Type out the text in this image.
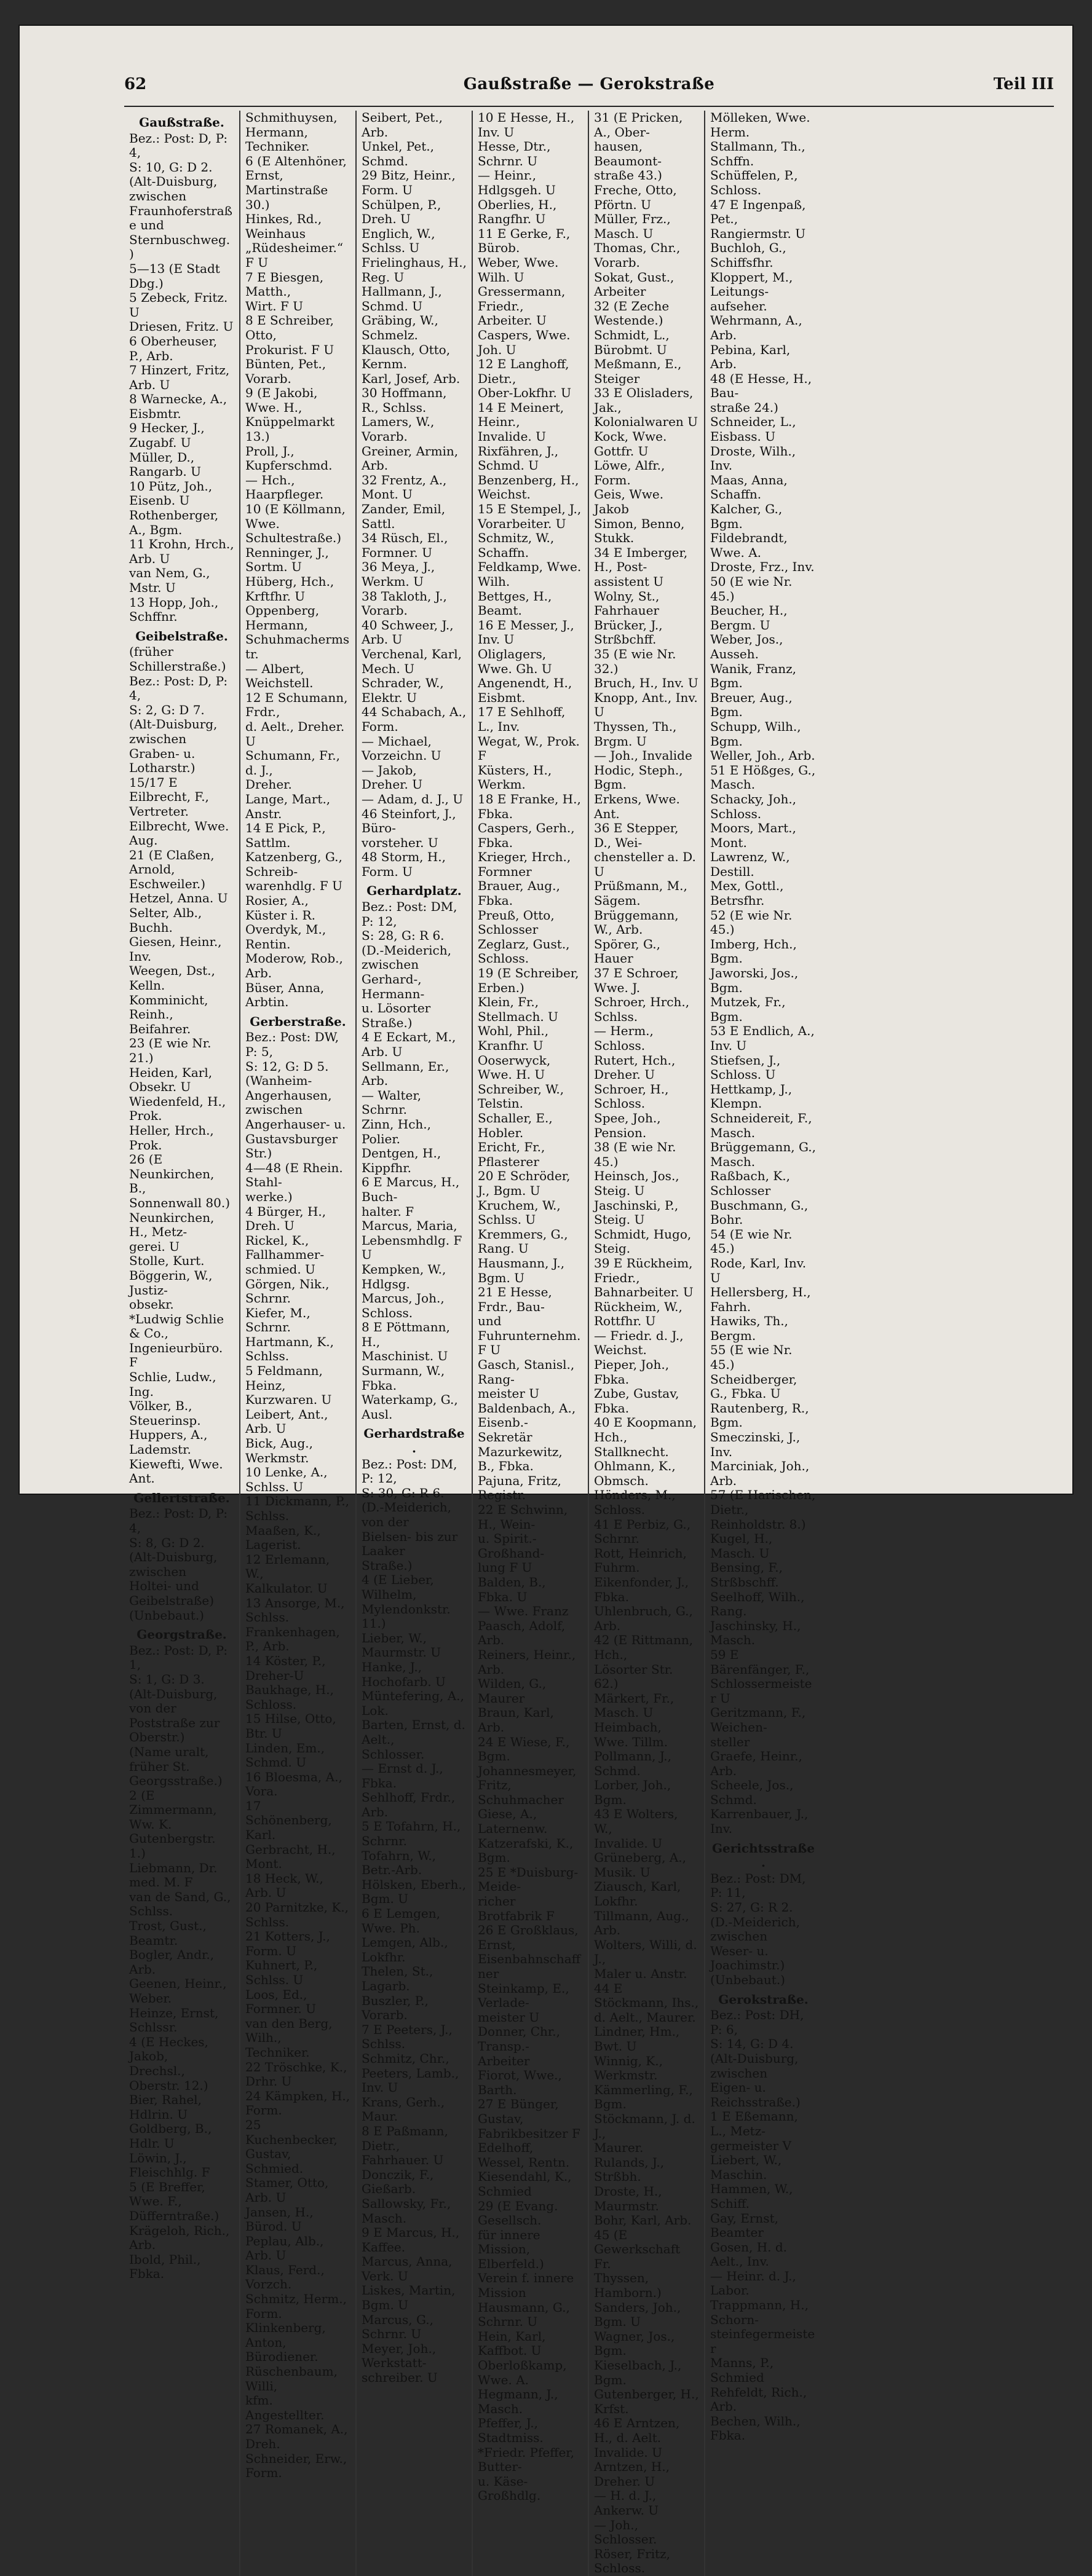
62	Gaußstraße — Gerokstraße	Teil III
Gaußstraße.
Bez.: Post: D, P: 4,
S: 10, G: D 2.
(Alt-Duisburg, zwischen
Fraunhoferstraße und
Sternbuschweg.)
5—13 (E Stadt Dbg.)
5 Zebeck, Fritz. U
Driesen, Fritz. U
6 Oberheuser, P., Arb.
7 Hinzert, Fritz, Arb. U
8 Warnecke, A., Eisbmtr.
9 Hecker, J., Zugabf. U
Müller, D., Rangarb. U
10 Pütz, Joh., Eisenb. U
Rothenberger, A., Bgm.
11 Krohn, Hrch., Arb. U
van Nem, G., Mstr. U
13 Hopp, Joh., Schffnr.
Geibelstraße.
(früher Schillerstraße.)
Bez.: Post: D, P: 4,
S: 2, G: D 7.
(Alt-Duisburg, zwischen
Graben- u. Lotharstr.)
15/17 E Eilbrecht, F.,
Vertreter.
Eilbrecht, Wwe. Aug.
21 (E Claßen, Arnold,
Eschweiler.)
Hetzel, Anna. U
Selter, Alb., Buchh.
Giesen, Heinr., Inv.
Weegen, Dst., Kelln.
Komminicht, Reinh.,
Beifahrer.
23 (E wie Nr. 21.)
Heiden, Karl, Obsekr. U
Wiedenfeld, H., Prok.
Heller, Hrch., Prok.
26 (E Neunkirchen, B.,
Sonnenwall 80.)
Neunkirchen, H., Metz-
gerei. U
Stolle, Kurt.
Böggerin, W., Justiz-
obsekr.
*Ludwig Schlie & Co.,
Ingenieurbüro. F
Schlie, Ludw., Ing.
Völker, B., Steuerinsp.
Huppers, A., Lademstr.
Kiewefti, Wwe. Ant.
Gellertstraße.
Bez.: Post: D, P: 4,
S: 8, G: D 2.
(Alt-Duisburg, zwischen
Holtei- und Geibelstraße)
(Unbebaut.)
Georgstraße.
Bez.: Post: D, P: 1,
S: 1, G: D 3.
(Alt-Duisburg, von der
Poststraße zur Oberstr.)
(Name uralt, früher St.
Georgsstraße.)
2 (E Zimmermann, Ww. K.
Gutenbergstr. 1.)
Liebmann, Dr. med. M. F
van de Sand, G., Schlss.
Trost, Gust., Beamtr.
Bogler, Andr., Arb.
Geenen, Heinr., Weber.
Heinze, Ernst, Schlssr.
4 (E Heckes, Jakob,
Drechsl., Oberstr. 12.)
Bier, Rahel, Hdlrin. U
Goldberg, B., Hdlr. U
Löwin, J., Fleischhlg. F
5 (E Breffer, Wwe. F.,
Düfferntraße.)
Krägeloh, Rich., Arb.
Ibold, Phil., Fbka.
Schmithuysen, Hermann,
Techniker.
6 (E Altenhöner, Ernst,
Martinstraße 30.)
Hinkes, Rd., Weinhaus
„Rüdesheimer.“ F U
7 E Biesgen, Matth.,
Wirt. F U
8 E Schreiber, Otto,
Prokurist. F U
Bünten, Pet., Vorarb.
9 (E Jakobi, Wwe. H.,
Knüppelmarkt 13.)
Proll, J., Kupferschmd.
— Hch., Haarpfleger.
10 (E Köllmann, Wwe.
Schultestraße.)
Renninger, J., Sortm. U
Hüberg, Hch., Krftfhr. U
Oppenberg, Hermann,
Schuhmachermstr.
— Albert, Weichstell.
12 E Schumann, Frdr.,
d. Aelt., Dreher. U
Schumann, Fr., d. J.,
Dreher.
Lange, Mart., Anstr.
14 E Pick, P., Sattlm.
Katzenberg, G., Schreib-
warenhdlg. F U
Rosier, A., Küster i. R.
Overdyk, M., Rentin.
Moderow, Rob., Arb.
Büser, Anna, Arbtin.
Gerberstraße.
Bez.: Post: DW, P: 5,
S: 12, G: D 5.
(Wanheim-Angerhausen,
zwischen Angerhauser- u.
Gustavsburger Str.)
4—48 (E Rhein. Stahl-
werke.)
4 Bürger, H., Dreh. U
Rickel, K., Fallhammer-
schmied. U
Görgen, Nik., Schrnr.
Kiefer, M., Schrnr.
Hartmann, K., Schlss.
5 Feldmann, Heinz,
Kurzwaren. U
Leibert, Ant., Arb. U
Bick, Aug., Werkmstr.
10 Lenke, A., Schlss. U
11 Dickmann, P., Schlss.
Maaßen, K., Lagerist.
12 Erlemann, W.,
Kalkulator. U
13 Ansorge, M., Schlss.
Frankenhagen, P., Arb.
14 Köster, P., Dreher-U
Baukhage, H., Schloss.
15 Hilse, Otto, Btr. U
Linden, Em., Schmd. U
16 Bloesma, A., Vora.
17 Schönenberg, Karl.
Gerbracht, H., Mont.
18 Heck, W., Arb. U
20 Parnitzke, K., Schlss.
21 Kotters, J., Form. U
Kuhnert, P., Schlss. U
Loos, Ed., Formner. U
van den Berg, Wilh.,
Techniker.
22 Tröschke, K., Drhr. U
24 Kämpken, H., Form.
25 Kuchenbecker, Gustav,
Schmied.
Stamer, Otto, Arb. U
Jansen, H., Bürod. U
Peplau, Alb., Arb. U
Klaus, Ferd., Vorzch.
Schmitz, Herm., Form.
Klinkenberg, Anton,
Bürodiener.
Rüschenbaum, Willi,
kfm. Angestellter.
27 Romanek, A., Dreh.
Schneider, Erw., Form.
Seibert, Pet., Arb.
Unkel, Pet., Schmd.
29 Bitz, Heinr., Form. U
Schülpen, P., Dreh. U
Englich, W., Schlss. U
Frielinghaus, H., Reg. U
Hallmann, J., Schmd. U
Gräbing, W., Schmelz.
Klausch, Otto, Kernm.
Karl, Josef, Arb.
30 Hoffmann, R., Schlss.
Lamers, W., Vorarb.
Greiner, Armin, Arb.
32 Frentz, A., Mont. U
Zander, Emil, Sattl.
34 Rüsch, El., Formner. U
36 Meya, J., Werkm. U
38 Takloth, J., Vorarb.
40 Schweer, J., Arb. U
Verchenal, Karl, Mech. U
Schrader, W., Elektr. U
44 Schabach, A., Form.
— Michael, Vorzeichn. U
— Jakob, Dreher. U
— Adam, d. J., U
46 Steinfort, J., Büro-
vorsteher. U
48 Storm, H., Form. U
Gerhardplatz.
Bez.: Post: DM, P: 12,
S: 28, G: R 6.
(D.-Meiderich, zwischen
Gerhard-, Hermann-
u. Lösorter Straße.)
4 E Eckart, M., Arb. U
Sellmann, Er., Arb.
— Walter, Schrnr.
Zinn, Hch., Polier.
Dentgen, H., Kippfhr.
6 E Marcus, H., Buch-
halter. F
Marcus, Maria,
Lebensmhdlg. F U
Kempken, W., Hdlgsg.
Marcus, Joh., Schloss.
8 E Pöttmann, H.,
Maschinist. U
Surmann, W., Fbka.
Waterkamp, G., Ausl.
Gerhardstraße.
Bez.: Post: DM, P: 12,
S: 30, G: R 6.
(D.-Meiderich, von der
Bielsen- bis zur Laaker
Straße.)
4 (E Lieber, Wilhelm,
Mylendonkstr. 11.)
Lieber, W., Maurmstr. U
Hanke, J., Hochofarb. U
Müntefering, A., Lok.
Barten, Ernst, d. Aelt.,
Schlosser.
— Ernst d. J., Fbka.
Sehlhoff, Frdr., Arb.
5 E Tofahrn, H., Schrnr.
Tofahrn, W., Betr.-Arb.
Hölsken, Eberh., Bgm. U
6 E Lemgen, Wwe. Ph.
Lemgen, Alb., Lokfhr.
Thelen, St., Lagarb.
Buszler, P., Vorarb.
7 E Peeters, J., Schlss.
Schmitz, Chr.,
Peeters, Lamb., Inv. U
Krans, Gerh., Maur.
8 E Paßmann, Dietr.,
Fahrhauer. U
Donczik, F., Gießarb.
Sallowsky, Fr., Masch.
9 E Marcus, H., Kaffee.
Marcus, Anna, Verk. U
Liskes, Martin, Bgm. U
Marcus, G., Schrnr. U
Meyer, Joh., Werkstatt-
schreiber. U
10 E Hesse, H., Inv. U
Hesse, Dtr., Schrnr. U
— Heinr., Hdlgsgeh. U
Oberlies, H., Rangfhr. U
11 E Gerke, F., Bürob.
Weber, Wwe. Wilh. U
Gressermann, Friedr.,
Arbeiter. U
Caspers, Wwe. Joh. U
12 E Langhoff, Dietr.,
Ober-Lokfhr. U
14 E Meinert, Heinr.,
Invalide. U
Rixfähren, J., Schmd. U
Benzenberg, H., Weichst.
15 E Stempel, J.,
Vorarbeiter. U
Schmitz, W., Schaffn.
Feldkamp, Wwe. Wilh.
Bettges, H., Beamt.
16 E Messer, J., Inv. U
Oliglagers, Wwe. Gh. U
Angenendt, H., Eisbmt.
17 E Sehlhoff, L., Inv.
Wegat, W., Prok. F
Küsters, H., Werkm.
18 E Franke, H., Fbka.
Caspers, Gerh., Fbka.
Krieger, Hrch., Formner
Brauer, Aug., Fbka.
Preuß, Otto, Schlosser
Zeglarz, Gust., Schloss.
19 (E Schreiber, Erben.)
Klein, Fr., Stellmach. U
Wohl, Phil., Kranfhr. U
Ooserwyck, Wwe. H. U
Schreiber, W., Telstin.
Schaller, E., Hobler.
Ericht, Fr., Pflasterer
20 E Schröder, J., Bgm. U
Kruchem, W., Schlss. U
Kremmers, G., Rang. U
Hausmann, J., Bgm. U
21 E Hesse, Frdr., Bau-
und Fuhrunternehm. F U
Gasch, Stanisl., Rang-
meister U
Baldenbach, A., Eisenb.-
Sekretär
Mazurkewitz, B., Fbka.
Pajuna, Fritz, Registr.
22 E Schwinn, H., Wein-
u. Spirit.-Großhand-
lung F U
Balden, B., Fbka. U
— Wwe. Franz
Paasch, Adolf, Arb.
Reiners, Heinr., Arb.
Wilden, G., Maurer
Braun, Karl, Arb.
24 E Wiese, F., Bgm.
Johannesmeyer, Fritz,
Schuhmacher
Giese, A., Laternenw.
Katzerafski, K., Bgm.
25 E *Duisburg-Meide-
richer Brotfabrik F
26 E Großklaus, Ernst,
Eisenbahnschaffner
Steinkamp, E., Verlade-
meister U
Donner, Chr., Transp.-
Arbeiter
Fiorot, Wwe., Barth.
27 E Bünger, Gustav,
Fabrikbesitzer F
Edelhoff, Wessel, Rentn.
Kiesendahl, K., Schmied
29 (E Evang. Gesellsch.
für innere Mission,
Elberfeld.)
Verein f. innere Mission
Hausmann, G., Schrnr. U
Hein, Karl, Kaffbot. U
Oberloßkamp, Wwe. A.
Hegmann, J., Masch.
Pfeffer, J., Stadtmiss.
*Friedr. Pfeffer, Butter-
u. Käse-Großhdlg.
31 (E Pricken, A., Ober-
hausen, Beaumont-
straße 43.)
Freche, Otto, Pförtn. U
Müller, Frz., Masch. U
Thomas, Chr., Vorarb.
Sokat, Gust., Arbeiter
32 (E Zeche Westende.)
Schmidt, L., Bürobmt. U
Meßmann, E., Steiger
33 E Olisladers, Jak.,
Kolonialwaren U
Kock, Wwe. Gottfr. U
Löwe, Alfr., Form.
Geis, Wwe. Jakob
Simon, Benno, Stukk.
34 E Imberger, H., Post-
assistent U
Wolny, St., Fahrhauer
Brücker, J., Strßbchff.
35 (E wie Nr. 32.)
Bruch, H., Inv. U
Knopp, Ant., Inv. U
Thyssen, Th., Brgm. U
— Joh., Invalide
Hodic, Steph., Bgm.
Erkens, Wwe. Ant.
36 E Stepper, D., Wei-
chensteller a. D. U
Prüßmann, M., Sägem.
Brüggemann, W., Arb.
Spörer, G., Hauer
37 E Schroer, Wwe. J.
Schroer, Hrch., Schlss.
— Herm., Schloss.
Rutert, Hch., Dreher. U
Schroer, H., Schloss.
Spee, Joh., Pension.
38 (E wie Nr. 45.)
Heinsch, Jos., Steig. U
Jaschinski, P., Steig. U
Schmidt, Hugo, Steig.
39 E Rückheim, Friedr.,
Bahnarbeiter. U
Rückheim, W., Rottfhr. U
— Friedr. d. J., Weichst.
Pieper, Joh., Fbka.
Zube, Gustav, Fbka.
40 E Koopmann, Hch.,
Stallknecht.
Ohlmann, K., Obmsch.
Hönders, M., Schloss.
41 E Perbiz, G., Schrnr.
Rott, Heinrich, Fuhrm.
Eikenfonder, J., Fbka.
Uhlenbruch, G., Arb.
42 (E Rittmann, Hch.,
Lösorter Str. 62.)
Märkert, Fr., Masch. U
Heimbach, Wwe. Tillm.
Pollmann, J., Schmd.
Lorber, Joh., Bgm.
43 E Wolters, W.,
Invalide. U
Grüneberg, A., Musik. U
Ziausch, Karl, Lokfhr.
Tillmann, Aug., Arb.
Wolters, Willi, d. J.,
Maler u. Anstr.
44 E Stöckmann, Ihs.,
d. Aelt., Maurer.
Lindner, Hm., Bwt. U
Winnig, K., Werkmstr.
Kämmerling, F., Bgm.
Stöckmann, J. d. J.,
Maurer.
Rulands, J., Strßbh.
Droste, H., Maurmstr.
Bohr, Karl, Arb.
45 (E Gewerkschaft Fr.
Thyssen, Hamborn.)
Sanders, Joh., Bgm. U
Wagner, Jos., Bgm.
Kieselbach, J., Bgm.
Gutenberger, H., Krfst.
46 E Arntzen, H., d. Aelt.
Invalide. U
Arntzen, H., Dreher. U
— H. d. J., Ankerw. U
— Joh., Schlosser.
Röser, Fritz, Schloss.
Mölleken, Wwe. Herm.
Stallmann, Th., Schffn.
Schüffelen, P., Schloss.
47 E Ingenpaß, Pet.,
Rangiermstr. U
Buchloh, G., Schiffsfhr.
Kloppert, M., Leitungs-
aufseher.
Wehrmann, A., Arb.
Pebina, Karl, Arb.
48 (E Hesse, H., Bau-
straße 24.)
Schneider, L., Eisbass. U
Droste, Wilh., Inv.
Maas, Anna, Schaffn.
Kalcher, G., Bgm.
Fildebrandt, Wwe. A.
Droste, Frz., Inv.
50 (E wie Nr. 45.)
Beucher, H., Bergm. U
Weber, Jos., Ausseh.
Wanik, Franz, Bgm.
Breuer, Aug., Bgm.
Schupp, Wilh., Bgm.
Weller, Joh., Arb.
51 E Hößges, G., Masch.
Schacky, Joh., Schloss.
Moors, Mart., Mont.
Lawrenz, W., Destill.
Mex, Gottl., Betrsfhr.
52 (E wie Nr. 45.)
Imberg, Hch., Bgm.
Jaworski, Jos., Bgm.
Mutzek, Fr., Bgm.
53 E Endlich, A., Inv. U
Stiefsen, J., Schloss. U
Hettkamp, J., Klempn.
Schneidereit, F., Masch.
Brüggemann, G., Masch.
Raßbach, K., Schlosser
Buschmann, G., Bohr.
54 (E wie Nr. 45.)
Rode, Karl, Inv. U
Hellersberg, H., Fahrh.
Hawiks, Th., Bergm.
55 (E wie Nr. 45.)
Scheidberger, G., Fbka. U
Rautenberg, R., Bgm.
Smeczinski, J., Inv.
Marciniak, Joh., Arb.
57 (E Harischen, Dietr.,
Reinholdstr. 8.)
Kugel, H., Masch. U
Bensing, F., Strßbschff.
Seelhoff, Wilh., Rang.
Jaschinsky, H., Masch.
59 E Bärenfänger, F.,
Schlossermeister U
Geritzmann, F., Weichen-
steller
Graefe, Heinr., Arb.
Scheele, Jos., Schmd.
Karrenbauer, J., Inv.
Gerichtsstraße.
Bez.: Post: DM, P: 11,
S: 27, G: R 2.
(D.-Meiderich, zwischen
Weser- u. Joachimstr.)
(Unbebaut.)
Gerokstraße.
Bez.: Post: DH, P: 6,
S: 14, G: D 4.
(Alt-Duisburg, zwischen
Eigen- u. Reichsstraße.)
1 E Eßemann, L., Metz-
germeister V
Liebert, W., Maschin.
Hammen, W., Schiff.
Gay, Ernst, Beamter
Gosen, H. d. Aelt., Inv.
— Heinr. d. J., Labor.
Trappmann, H., Schorn-
steinfegermeister
Manns, P., Schmied
Rehfeldt, Rich., Arb.
Bechen, Wilh., Fbka.
